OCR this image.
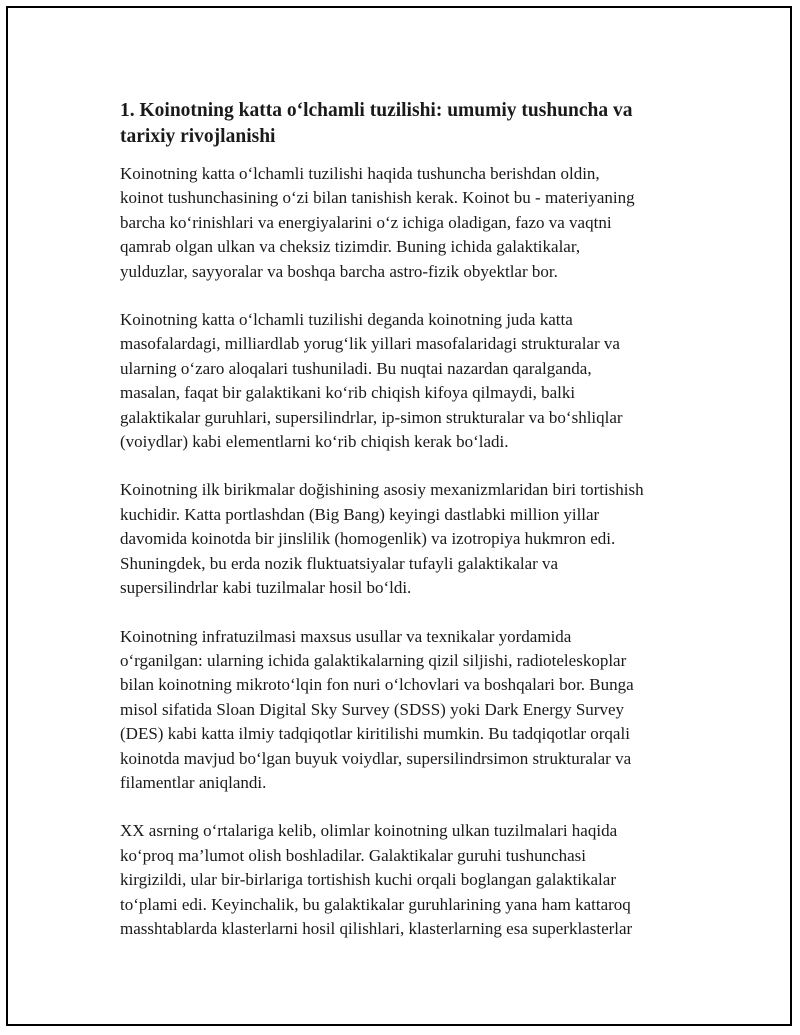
1. Koinotning katta o‘lchamli tuzilishi: umumiy tushuncha va
tarixiy rivojlanishi

Koinotning katta o‘lchamli tuzilishi haqida tushuncha berishdan oldin,
koinot tushunchasining o‘zi bilan tanishish kerak. Koinot bu - materiyaning
barcha ko‘rinishlari va energiyalarini o‘z ichiga oladigan, fazo va vaqtni
qamrab olgan ulkan va cheksiz tizimdir. Buning ichida galaktikalar,
yulduzlar, sayyoralar va boshqa barcha astro-fizik obyektlar bor.

Koinotning katta o‘lchamli tuzilishi deganda koinotning juda katta
masofalardagi, milliardlab yorug‘lik yillari masofalaridagi strukturalar va
ularning o‘zaro aloqalari tushuniladi. Bu nuqtai nazardan qaralganda,
masalan, faqat bir galaktikani ko‘rib chiqish kifoya qilmaydi, balki
galaktikalar guruhlari, supersilindrlar, ip-simon strukturalar va bo‘shliqlar
(voiydlar) kabi elementlarni ko‘rib chiqish kerak bo‘ladi.

Koinotning ilk birikmalar doğishining asosiy mexanizmlaridan biri tortishish
kuchidir. Katta portlashdan (Big Bang) keyingi dastlabki million yillar
davomida koinotda bir jinslilik (homogenlik) va izotropiya hukmron edi.
Shuningdek, bu erda nozik fluktuatsiyalar tufayli galaktikalar va
supersilindrlar kabi tuzilmalar hosil bo‘ldi.

Koinotning infratuzilmasi maxsus usullar va texnikalar yordamida
o‘rganilgan: ularning ichida galaktikalarning qizil siljishi, radioteleskoplar
bilan koinotning mikroto‘lqin fon nuri o‘lchovlari va boshqalari bor. Bunga
misol sifatida Sloan Digital Sky Survey (SDSS) yoki Dark Energy Survey
(DES) kabi katta ilmiy tadqiqotlar kiritilishi mumkin. Bu tadqiqotlar orqali
koinotda mavjud bo‘lgan buyuk voiydlar, supersilindrsimon strukturalar va
filamentlar aniqlandi.

XX asrning o‘rtalariga kelib, olimlar koinotning ulkan tuzilmalari haqida
ko‘proq ma’lumot olish boshladilar. Galaktikalar guruhi tushunchasi
kirgizildi, ular bir-birlariga tortishish kuchi orqali boglangan galaktikalar
to‘plami edi. Keyinchalik, bu galaktikalar guruhlarining yana ham kattaroq
masshtablarda klasterlarni hosil qilishlari, klasterlarning esa superklasterlar
